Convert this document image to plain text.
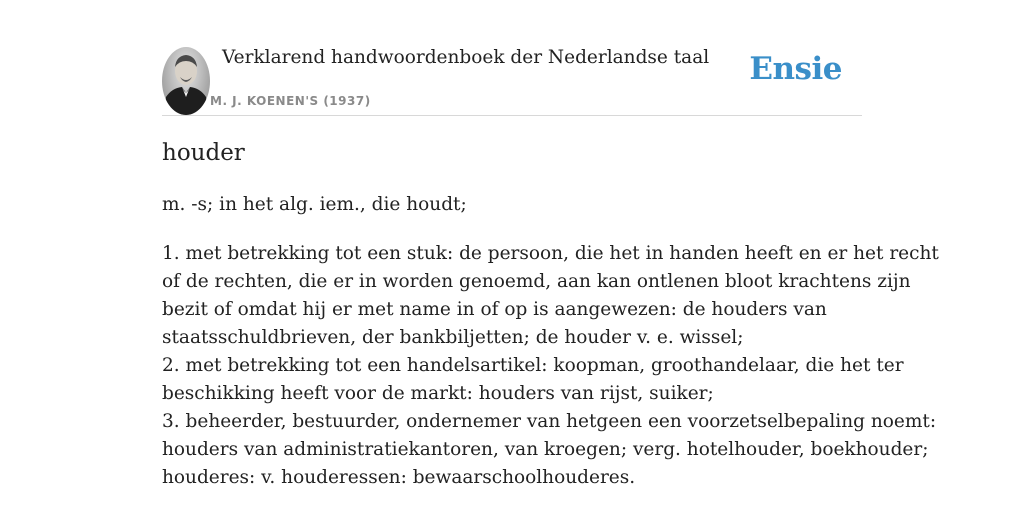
Verklarend handwoordenboek der Nederlandse taal
M. J. KOENEN'S (1937)
Ensie
houder

m. -s; in het alg. iem., die houdt;

1. met betrekking tot een stuk: de persoon, die het in handen heeft en er het recht
of de rechten, die er in worden genoemd, aan kan ontlenen bloot krachtens zijn
bezit of omdat hij er met name in of op is aangewezen: de houders van
staatsschuldbrieven, der bankbiljetten; de houder v. e. wissel;
2. met betrekking tot een handelsartikel: koopman, groothandelaar, die het ter
beschikking heeft voor de markt: houders van rijst, suiker;
3. beheerder, bestuurder, ondernemer van hetgeen een voorzetselbepaling noemt:
houders van administratiekantoren, van kroegen; verg. hotelhouder, boekhouder;
houderes: v. houderessen: bewaarschoolhouderes.
